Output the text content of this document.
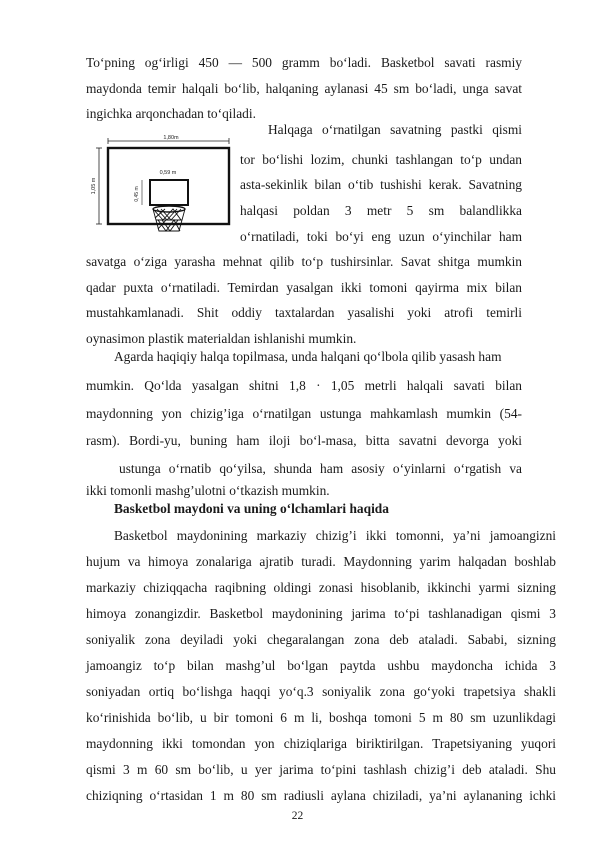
To‘pning og‘irligi 450 — 500 gramm bo‘ladi. Basketbol savati rasmiy
maydonda temir halqali bo‘lib, halqaning aylanasi 45 sm bo‘ladi, unga savat
ingichka arqonchadan to‘qiladi.
Halqaga o‘rnatilgan savatning pastki qismi
tor bo‘lishi lozim, chunki tashlangan to‘p undan
asta-sekinlik bilan o‘tib tushishi kerak. Savatning
halqasi poldan 3 metr 5 sm balandlikka
o‘rnatiladi, toki bo‘yi eng uzun o‘yinchilar ham
savatga o‘ziga yarasha mehnat qilib to‘p tushirsinlar. Savat shitga mumkin
qadar puxta o‘rnatiladi. Temirdan yasalgan ikki tomoni qayirma mix bilan
mustahkamlanadi. Shit oddiy taxtalardan yasalishi yoki atrofi temirli
oynasimon plastik materialdan ishlanishi mumkin.
Agarda haqiqiy halqa topilmasa, unda halqani qo‘lbola qilib yasash ham
mumkin. Qo‘lda yasalgan shitni 1,8 · 1,05 metrli halqali savati bilan
maydonning yon chizig’iga o‘rnatilgan ustunga mahkamlash mumkin (54-
rasm). Bordi-yu, buning ham iloji bo‘l-masa, bitta savatni devorga yoki
ustunga o‘rnatib qo‘yilsa, shunda ham asosiy o‘yinlarni o‘rgatish va
ikki tomonli mashg’ulotni o‘tkazish mumkin.
Basketbol maydoni va uning o‘lchamlari haqida
Basketbol maydonining markaziy chizig’i ikki tomonni, ya’ni jamoangizni
hujum va himoya zonalariga ajratib turadi. Maydonning yarim halqadan boshlab
markaziy chiziqqacha raqibning oldingi zonasi hisoblanib, ikkinchi yarmi sizning
himoya zonangizdir. Basketbol maydonining jarima to‘pi tashlanadigan qismi 3
soniyalik zona deyiladi yoki chegaralangan zona deb ataladi. Sababi, sizning
jamoangiz to‘p bilan mashg’ul bo‘lgan paytda ushbu maydoncha ichida 3
soniyadan ortiq bo‘lishga haqqi yo‘q.3 soniyalik zona go‘yoki trapetsiya shakli
ko‘rinishida bo‘lib, u bir tomoni 6 m li, boshqa tomoni 5 m 80 sm uzunlikdagi
maydonning ikki tomondan yon chiziqlariga biriktirilgan. Trapetsiyaning yuqori
qismi 3 m 60 sm bo‘lib, u yer jarima to‘pini tashlash chizig’i deb ataladi. Shu
chiziqning o‘rtasidan 1 m 80 sm radiusli aylana chiziladi, ya’ni aylananing ichki
22
1,80m
1,05 m
0,59 m
0,45 m
